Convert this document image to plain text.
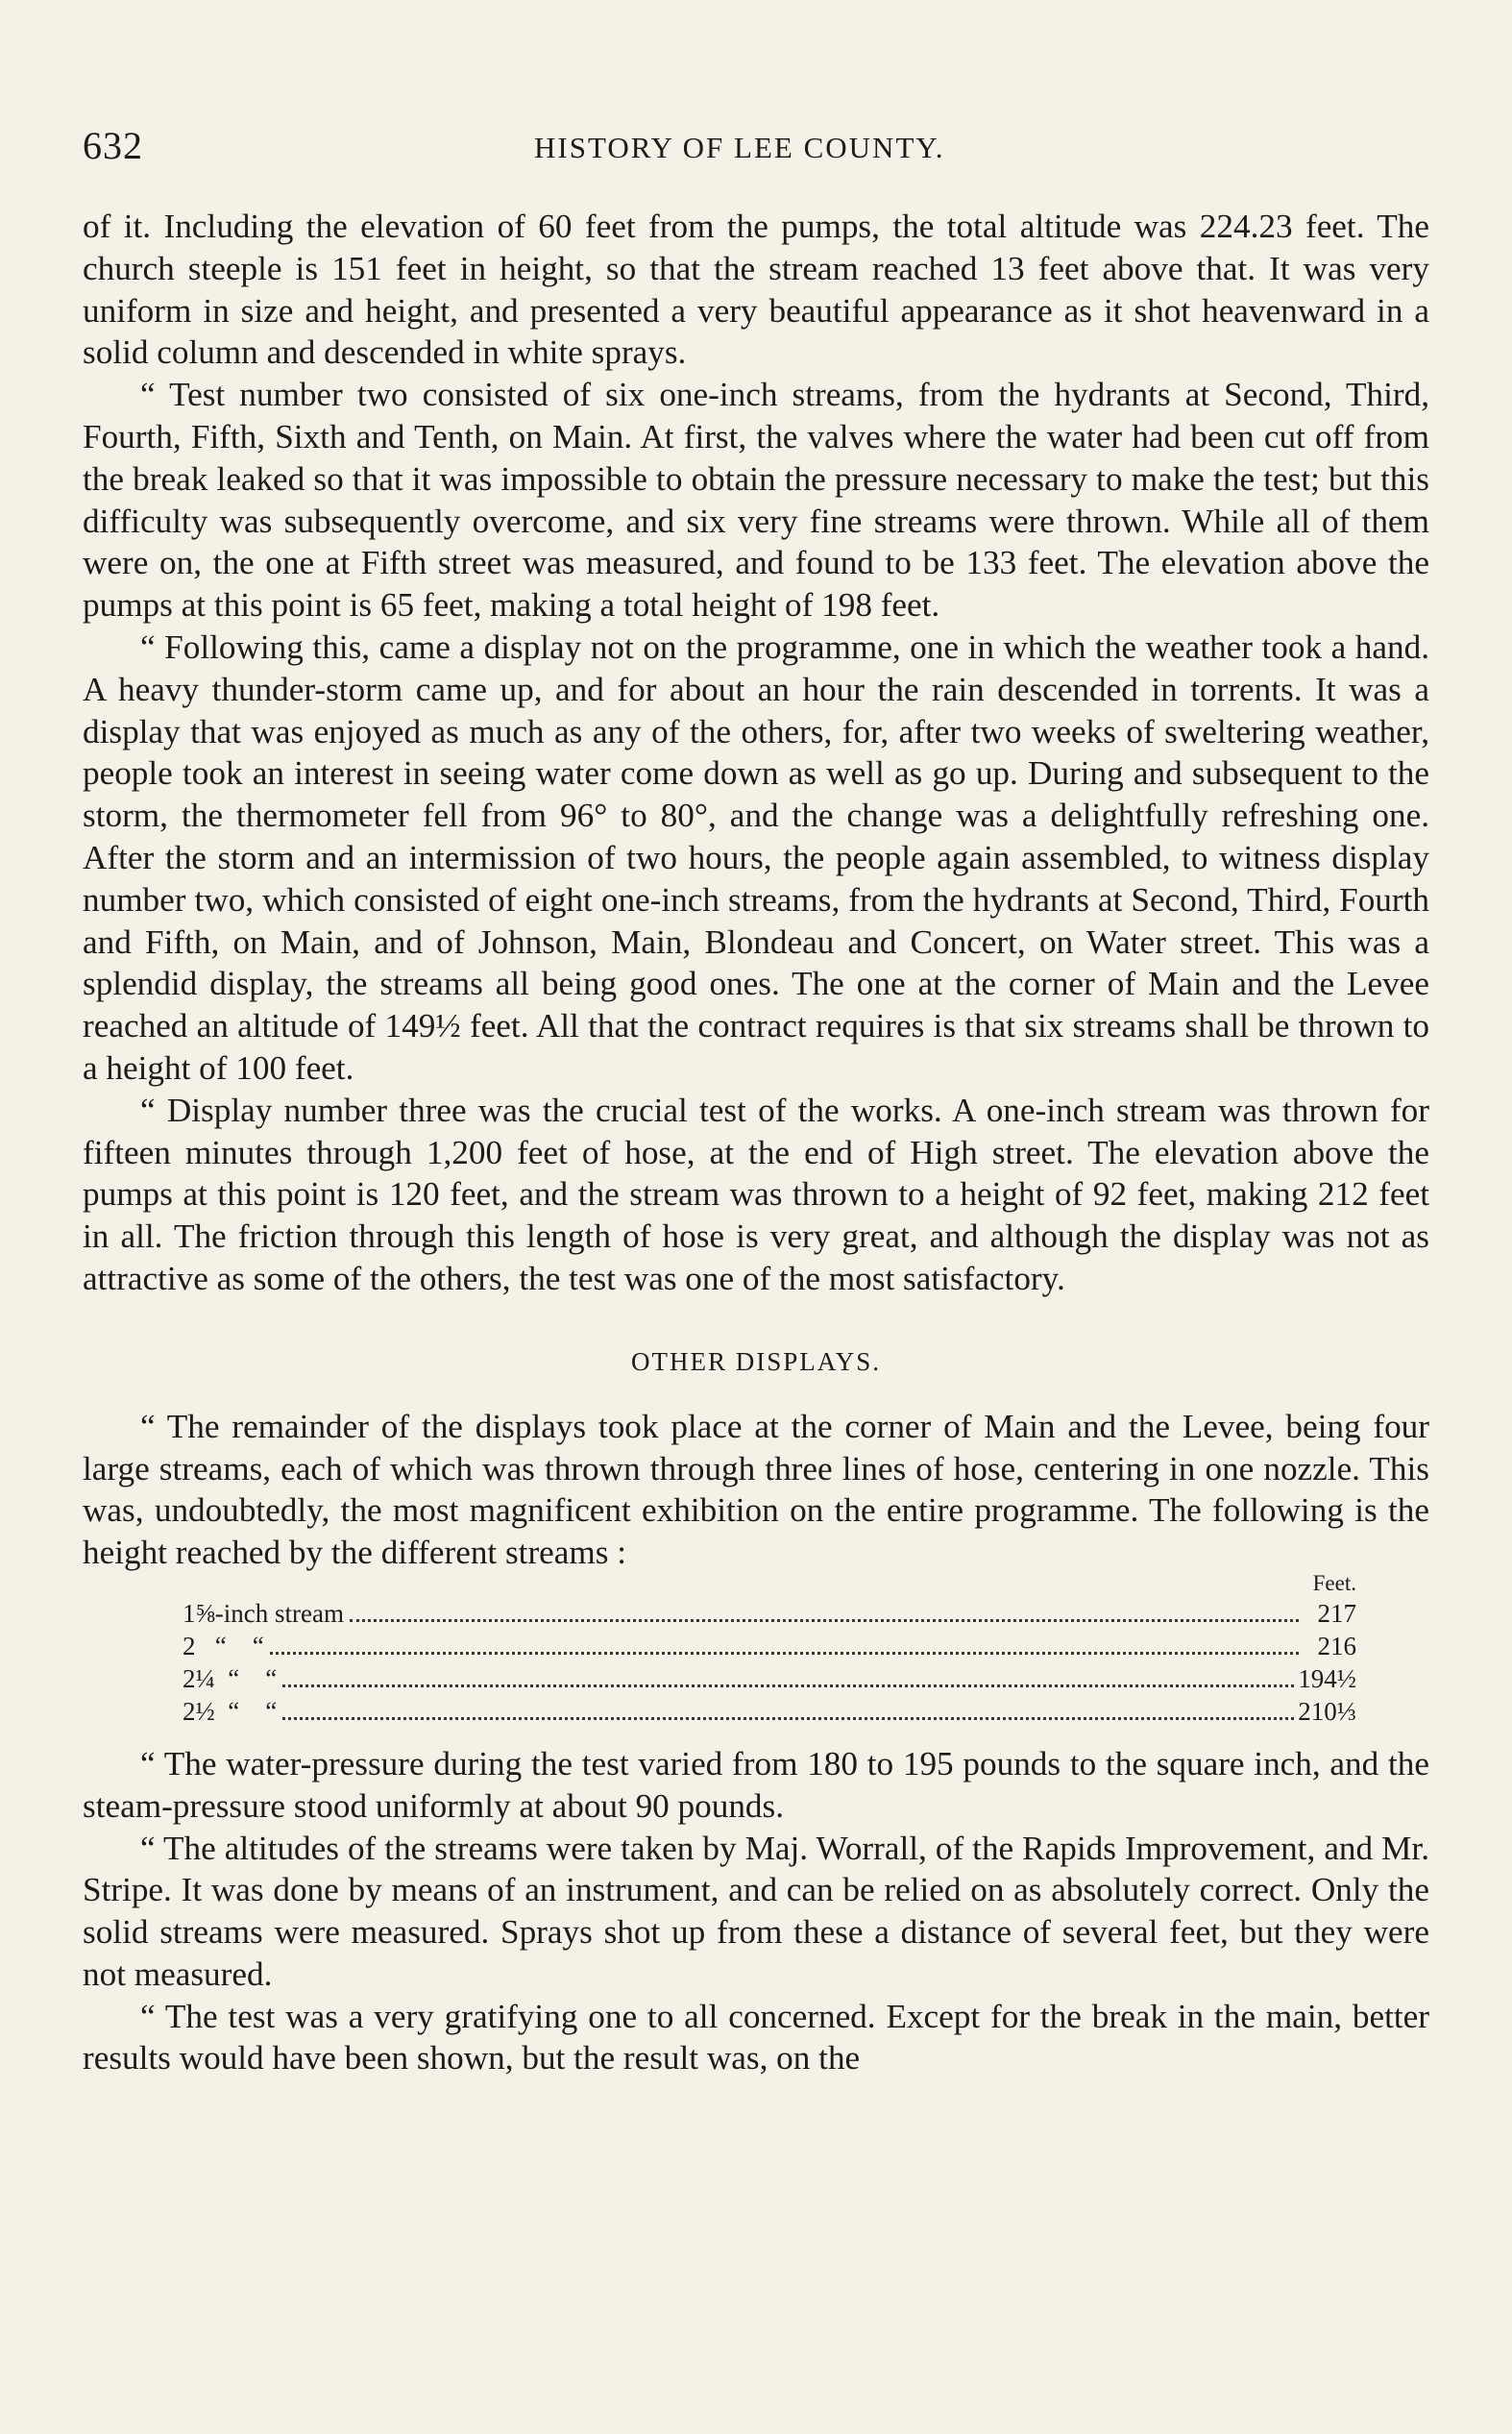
632	HISTORY OF LEE COUNTY.

of it. Including the elevation of 60 feet from the pumps, the total altitude was 224.23 feet. The church steeple is 151 feet in height, so that the stream reached 13 feet above that. It was very uniform in size and height, and presented a very beautiful appearance as it shot heavenward in a solid column and descended in white sprays.

“ Test number two consisted of six one-inch streams, from the hydrants at Second, Third, Fourth, Fifth, Sixth and Tenth, on Main. At first, the valves where the water had been cut off from the break leaked so that it was impossible to obtain the pressure necessary to make the test; but this difficulty was subsequently overcome, and six very fine streams were thrown. While all of them were on, the one at Fifth street was measured, and found to be 133 feet. The elevation above the pumps at this point is 65 feet, making a total height of 198 feet.

“ Following this, came a display not on the programme, one in which the weather took a hand. A heavy thunder-storm came up, and for about an hour the rain descended in torrents. It was a display that was enjoyed as much as any of the others, for, after two weeks of sweltering weather, people took an interest in seeing water come down as well as go up. During and subsequent to the storm, the thermometer fell from 96° to 80°, and the change was a delightfully refreshing one. After the storm and an intermission of two hours, the people again assembled, to witness display number two, which consisted of eight one-inch streams, from the hydrants at Second, Third, Fourth and Fifth, on Main, and of Johnson, Main, Blondeau and Concert, on Water street. This was a splendid display, the streams all being good ones. The one at the corner of Main and the Levee reached an altitude of 149½ feet. All that the contract requires is that six streams shall be thrown to a height of 100 feet.

“ Display number three was the crucial test of the works. A one-inch stream was thrown for fifteen minutes through 1,200 feet of hose, at the end of High street. The elevation above the pumps at this point is 120 feet, and the stream was thrown to a height of 92 feet, making 212 feet in all. The friction through this length of hose is very great, and although the display was not as attractive as some of the others, the test was one of the most satisfactory.

OTHER DISPLAYS.

“ The remainder of the displays took place at the corner of Main and the Levee, being four large streams, each of which was thrown through three lines of hose, centering in one nozzle. This was, undoubtedly, the most magnificent exhibition on the entire programme. The following is the height reached by the different streams :

Feet.
1⅝-inch stream	217
2   “    “	216
2¼  “    “	194½
2½  “    “	210⅓

“ The water-pressure during the test varied from 180 to 195 pounds to the square inch, and the steam-pressure stood uniformly at about 90 pounds.

“ The altitudes of the streams were taken by Maj. Worrall, of the Rapids Improvement, and Mr. Stripe. It was done by means of an instrument, and can be relied on as absolutely correct. Only the solid streams were measured. Sprays shot up from these a distance of several feet, but they were not measured.

“ The test was a very gratifying one to all concerned. Except for the break in the main, better results would have been shown, but the result was, on the
